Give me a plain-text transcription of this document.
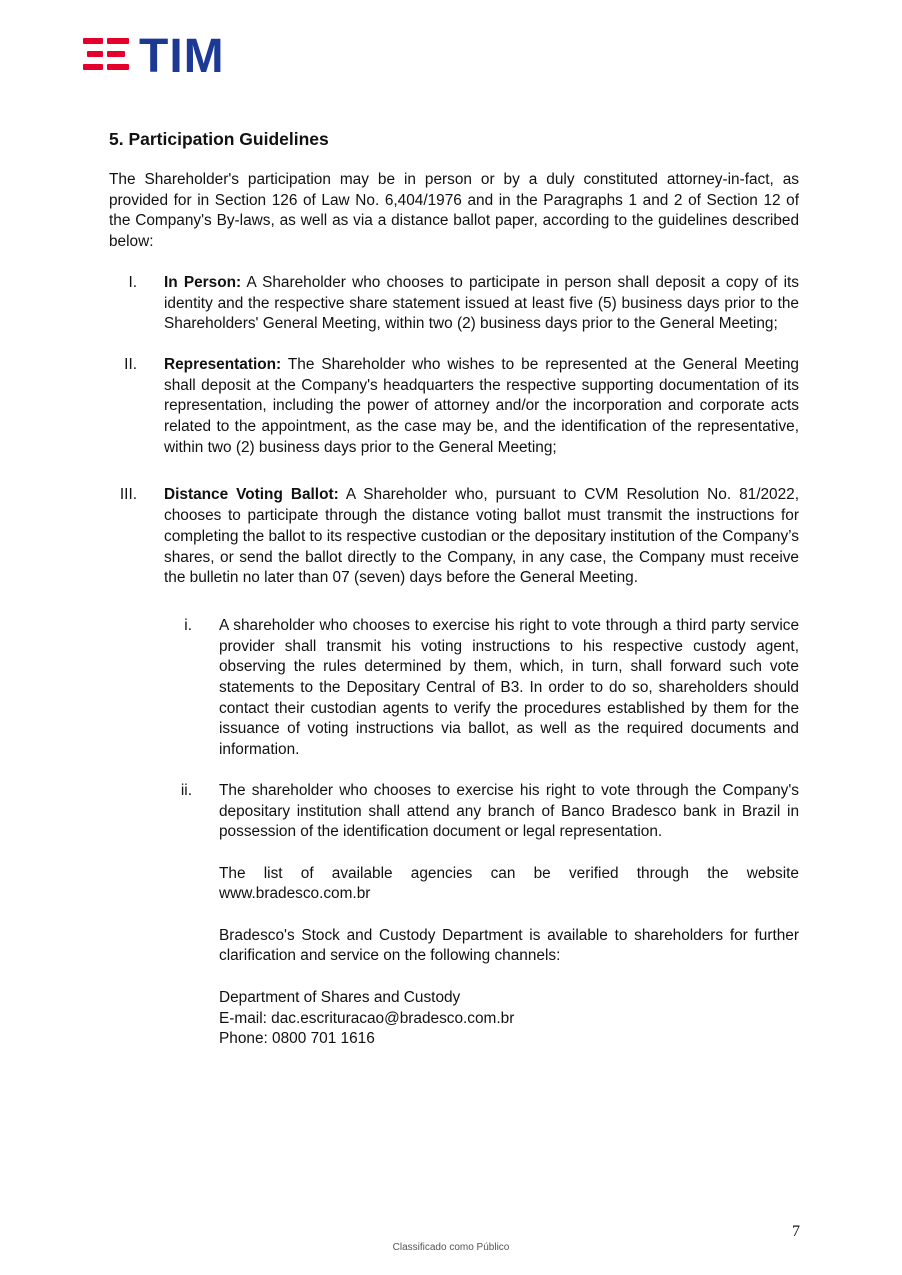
TIM
5. Participation Guidelines

The Shareholder's participation may be in person or by a duly constituted attorney-in-fact, as provided for in Section 126 of Law No. 6,404/1976 and in the Paragraphs 1 and 2 of Section 12 of the Company's By-laws, as well as via a distance ballot paper, according to the guidelines described below:

I. In Person: A Shareholder who chooses to participate in person shall deposit a copy of its identity and the respective share statement issued at least five (5) business days prior to the Shareholders' General Meeting, within two (2) business days prior to the General Meeting;

II. Representation: The Shareholder who wishes to be represented at the General Meeting shall deposit at the Company's headquarters the respective supporting documentation of its representation, including the power of attorney and/or the incorporation and corporate acts related to the appointment, as the case may be, and the identification of the representative, within two (2) business days prior to the General Meeting;

III. Distance Voting Ballot: A Shareholder who, pursuant to CVM Resolution No. 81/2022, chooses to participate through the distance voting ballot must transmit the instructions for completing the ballot to its respective custodian or the depositary institution of the Company’s shares, or send the ballot directly to the Company, in any case, the Company must receive the bulletin no later than 07 (seven) days before the General Meeting.

i. A shareholder who chooses to exercise his right to vote through a third party service provider shall transmit his voting instructions to his respective custody agent, observing the rules determined by them, which, in turn, shall forward such vote statements to the Depositary Central of B3. In order to do so, shareholders should contact their custodian agents to verify the procedures established by them for the issuance of voting instructions via ballot, as well as the required documents and information.

ii. The shareholder who chooses to exercise his right to vote through the Company's depositary institution shall attend any branch of Banco Bradesco bank in Brazil in possession of the identification document or legal representation.

The list of available agencies can be verified through the website www.bradesco.com.br

Bradesco's Stock and Custody Department is available to shareholders for further clarification and service on the following channels:

Department of Shares and Custody

E-mail: dac.escrituracao@bradesco.com.br

Phone: 0800 701 1616

7
Classificado como Público
